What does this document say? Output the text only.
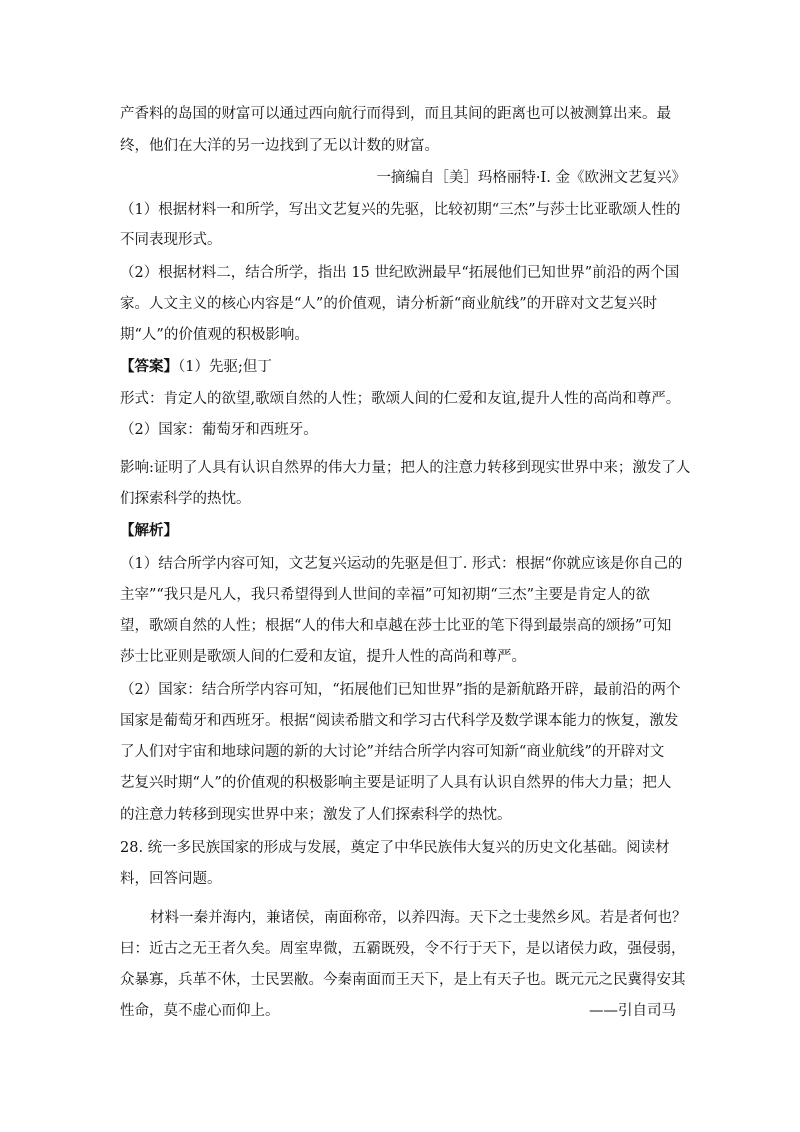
产香料的岛国的财富可以通过西向航行而得到，而且其间的距离也可以被测算出来。最
终，他们在大洋的另一边找到了无以计数的财富。
一摘编自［美］玛格丽特·I. 金《欧洲文艺复兴》
（1）根据材料一和所学，写出文艺复兴的先驱，比较初期“三杰”与莎士比亚歌颂人性的
不同表现形式。
（2）根据材料二，结合所学，指出 15 世纪欧洲最早“拓展他们已知世界”前沿的两个国
家。人文主义的核心内容是“人”的价值观，请分析新“商业航线”的开辟对文艺复兴时
期“人”的价值观的积极影响。
【答案】（1）先驱;但丁
形式：肯定人的欲望,歌颂自然的人性；歌颂人间的仁爱和友谊,提升人性的高尚和尊严。
（2）国家：葡萄牙和西班牙。
影响:证明了人具有认识自然界的伟大力量；把人的注意力转移到现实世界中来；激发了人
们探索科学的热忱。
【解析】
（1）结合所学内容可知，文艺复兴运动的先驱是但丁. 形式：根据“你就应该是你自己的
主宰”“我只是凡人，我只希望得到人世间的幸福”可知初期“三杰”主要是肯定人的欲
望，歌颂自然的人性；根据“人的伟大和卓越在莎士比亚的笔下得到最崇高的颂扬”可知
莎士比亚则是歌颂人间的仁爱和友谊，提升人性的高尚和尊严。
（2）国家：结合所学内容可知，“拓展他们已知世界”指的是新航路开辟，最前沿的两个
国家是葡萄牙和西班牙。根据“阅读希腊文和学习古代科学及数学课本能力的恢复，激发
了人们对宇宙和地球问题的新的大讨论”并结合所学内容可知新“商业航线”的开辟对文
艺复兴时期“人”的价值观的积极影响主要是证明了人具有认识自然界的伟大力量；把人
的注意力转移到现实世界中来；激发了人们探索科学的热忱。
28. 统一多民族国家的形成与发展，奠定了中华民族伟大复兴的历史文化基础。阅读材
料，回答问题。
材料一秦并海内，兼诸侯，南面称帝，以养四海。天下之士斐然乡风。若是者何也？
曰：近古之无王者久矣。周室卑微，五霸既殁，令不行于天下，是以诸侯力政，强侵弱，
众暴寡，兵革不休，士民罢敝。今秦南面而王天下，是上有天子也。既元元之民冀得安其
性命，莫不虚心而仰上。	——引自司马
